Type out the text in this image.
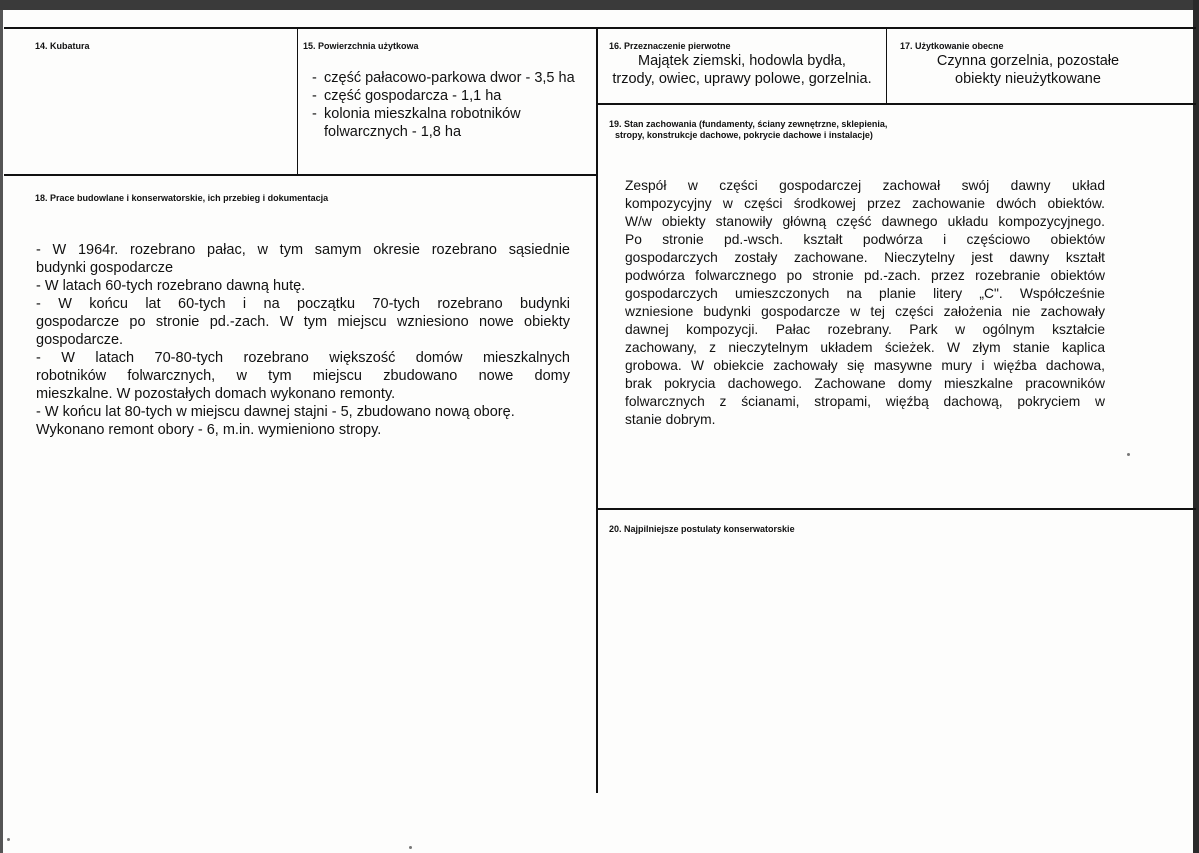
14. Kubatura	15. Powierzchnia użytkowa
- część pałacowo-parkowa dwor - 3,5 ha
- część gospodarcza - 1,1 ha
- kolonia mieszkalna robotników folwarcznych - 1,8 ha
16. Przeznaczenie pierwotne

Majątek ziemski, hodowla bydła,

trzody, owiec, uprawy polowe, gorzelnia.

17. Użytkowanie obecne

Czynna gorzelnia, pozostałe

obiekty nieużytkowane

18. Prace budowlane i konserwatorskie, ich przebieg i dokumentacja

- W 1964r. rozebrano pałac, w tym samym okresie rozebrano sąsiednie

budynki gospodarcze

- W latach 60-tych rozebrano dawną hutę.

- W końcu lat 60-tych i na początku 70-tych rozebrano budynki

gospodarcze po stronie pd.-zach. W tym miejscu wzniesiono nowe obiekty

gospodarcze.

- W latach 70-80-tych rozebrano większość domów mieszkalnych

robotników folwarcznych, w tym miejscu zbudowano nowe domy

mieszkalne. W pozostałych domach wykonano remonty.

- W końcu lat 80-tych w miejscu dawnej stajni - 5, zbudowano nową oborę.

Wykonano remont obory - 6, m.in. wymieniono stropy.

19. Stan zachowania (fundamenty, ściany zewnętrzne, sklepienia,
stropy, konstrukcje dachowe, pokrycie dachowe i instalacje)

Zespół w części gospodarczej zachował swój dawny układ

kompozycyjny w części środkowej przez zachowanie dwóch obiektów.

W/w obiekty stanowiły główną część dawnego układu kompozycyjnego.

Po stronie pd.-wsch. kształt podwórza i częściowo obiektów

gospodarczych zostały zachowane. Nieczytelny jest dawny kształt

podwórza folwarcznego po stronie pd.-zach. przez rozebranie obiektów

gospodarczych umieszczonych na planie litery „C". Współcześnie

wzniesione budynki gospodarcze w tej części założenia nie zachowały

dawnej kompozycji. Pałac rozebrany. Park w ogólnym kształcie

zachowany, z nieczytelnym układem ścieżek. W złym stanie kaplica

grobowa. W obiekcie zachowały się masywne mury i więźba dachowa,

brak pokrycia dachowego. Zachowane domy mieszkalne pracowników

folwarcznych z ścianami, stropami, więźbą dachową, pokryciem w

stanie dobrym.

20. Najpilniejsze postulaty konserwatorskie
